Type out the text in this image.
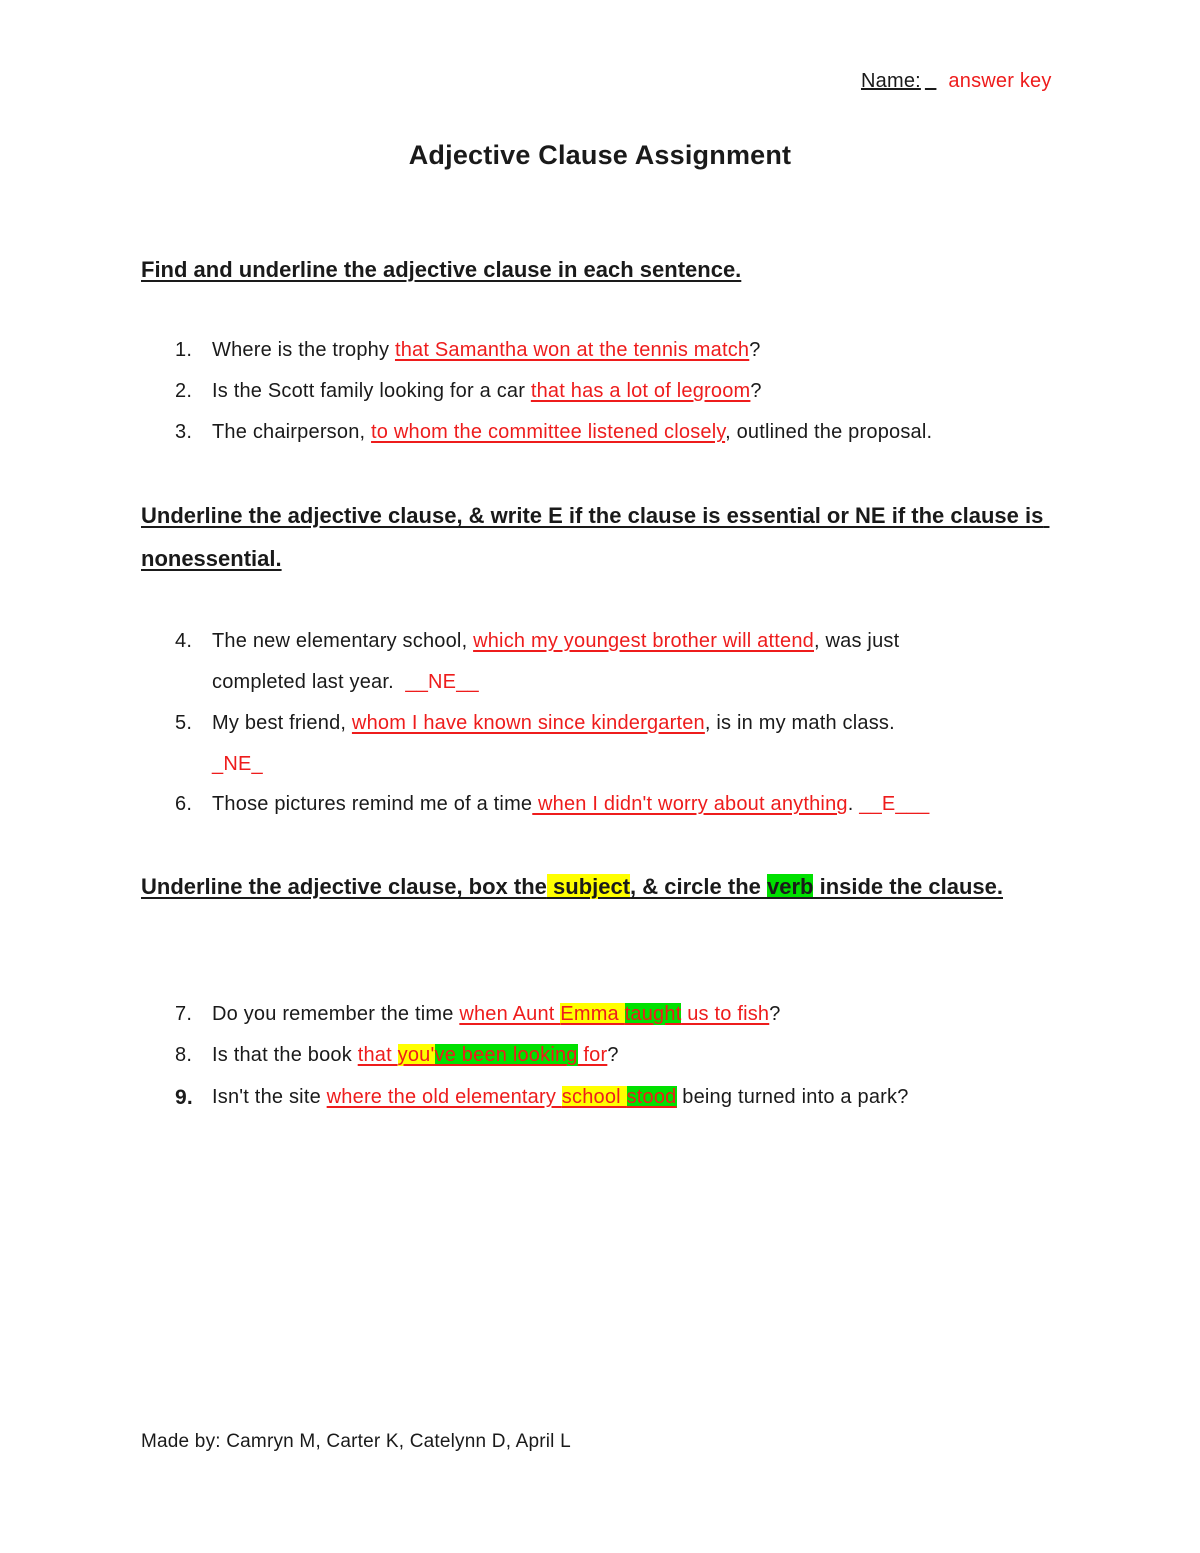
Name: answer key
Adjective Clause Assignment
Find and underline the adjective clause in each sentence.
1. Where is the trophy that Samantha won at the tennis match?
2. Is the Scott family looking for a car that has a lot of legroom?
3. The chairperson, to whom the committee listened closely, outlined the proposal.
Underline the adjective clause, & write E if the clause is essential or NE if the clause is nonessential.
4. The new elementary school, which my youngest brother will attend, was just
completed last year.  __NE__
5. My best friend, whom I have known since kindergarten, is in my math class.
_NE_
6. Those pictures remind me of a time when I didn't worry about anything. __E___
Underline the adjective clause, box the subject, & circle the verb inside the clause.
7. Do you remember the time when Aunt Emma taught us to fish?
8. Is that the book that you've been looking for?
9. Isn't the site where the old elementary school stood being turned into a park?
Made by: Camryn M, Carter K, Catelynn D, April L
